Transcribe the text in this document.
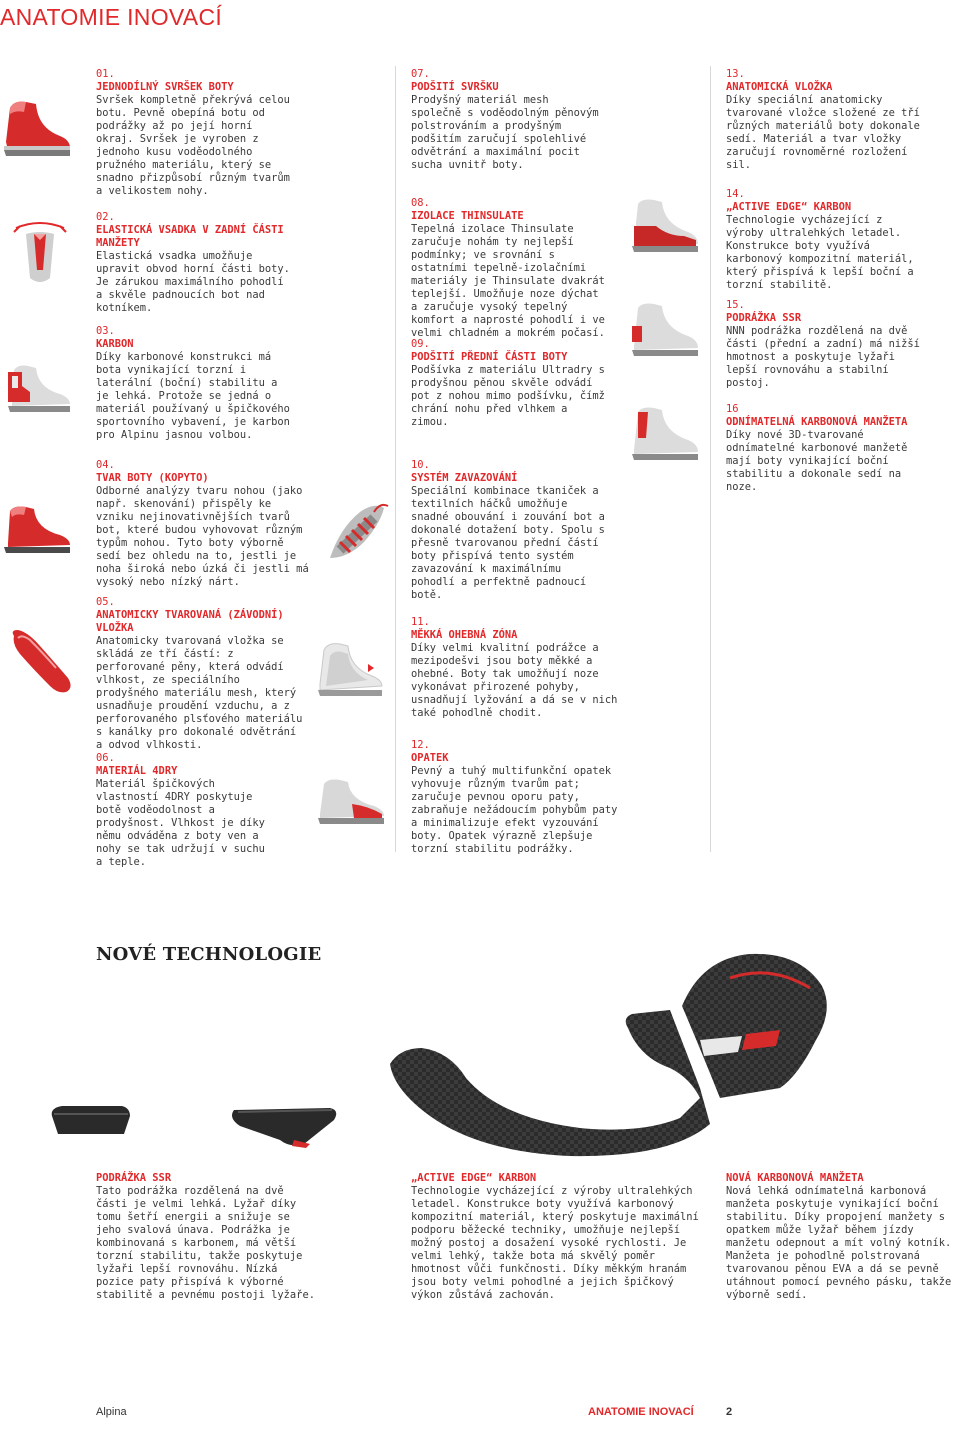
ANATOMIE INOVACÍ
01.
JEDNODÍLNÝ SVRŠEK BOTY
Svršek kompletně překrývá celou botu. Pevně obepíná botu od podrážky až po její horní okraj. Svršek je vyroben z jednoho kusu voděodolného pružného materiálu, který se snadno přizpůsobí různým tvarům a velikostem nohy.
02.
ELASTICKÁ VSADKA V ZADNÍ ČÁSTI MANŽETY
Elastická vsadka umožňuje upravit obvod horní části boty. Je zárukou maximálního pohodlí a skvěle padnoucích bot nad kotníkem.
03.
KARBON
Díky karbonové konstrukci má bota vynikající torzní i laterální (boční) stabilitu a je lehká. Protože se jedná o materiál používaný u špičkového sportovního vybavení, je karbon pro Alpinu jasnou volbou.
04.
TVAR BOTY (KOPYTO)
Odborné analýzy tvaru nohou (jako např. skenování) přispěly ke vzniku nejinovativnějších tvarů bot, které budou vyhovovat různým typům nohou. Tyto boty výborně sedí bez ohledu na to, jestli je noha široká nebo úzká či jestli má vysoký nebo nízký nárt.
05.
ANATOMICKY TVAROVANÁ (ZÁVODNÍ) VLOŽKA
Anatomicky tvarovaná vložka se skládá ze tří částí: z perforované pěny, která odvádí vlhkost, ze speciálního prodyšného materiálu mesh, který usnadňuje proudění vzduchu, a z perforovaného plsťového materiálu s kanálky pro dokonalé odvětrání a odvod vlhkosti.
06.
MATERIÁL 4DRY
Materiál špičkových vlastností 4DRY poskytuje botě voděodolnost a prodyšnost. Vlhkost je díky němu odváděna z boty ven a nohy se tak udržují v suchu a teple.
07.
PODŠITÍ SVRŠKU
Prodyšný materiál mesh společně s voděodolným pěnovým polstrováním a prodyšným podšitím zaručují spolehlivé odvětrání a maximální pocit sucha uvnitř boty.
08.
IZOLACE THINSULATE
Tepelná izolace Thinsulate zaručuje nohám ty nejlepší podmínky; ve srovnání s ostatními tepelně-izolačními materiály je Thinsulate dvakrát teplejší. Umožňuje noze dýchat a zaručuje vysoký tepelný komfort a naprosté pohodlí i ve velmi chladném a mokrém počasí.
09.
PODŠITÍ PŘEDNÍ ČÁSTI BOTY
Podšívka z materiálu Ultradry s prodyšnou pěnou skvěle odvádí pot z nohou mimo podšívku, čímž chrání nohu před vlhkem a zimou.
10.
SYSTÉM ZAVAZOVÁNÍ
Speciální kombinace tkaniček a textilních háčků umožňuje snadné obouvání i zouvání bot a dokonalé dotažení boty. Spolu s přesně tvarovanou přední částí boty přispívá tento systém zavazování k maximálnímu pohodlí a perfektně padnoucí botě.
11.
MĚKKÁ OHEBNÁ ZÓNA
Díky velmi kvalitní podrážce a mezipodešvi jsou boty měkké a ohebné. Boty tak umožňují noze vykonávat přirozené pohyby, usnadňují lyžování a dá se v nich také pohodlně chodit.
12.
OPATEK
Pevný a tuhý multifunkční opatek vyhovuje různým tvarům pat; zaručuje pevnou oporu paty, zabraňuje nežádoucím pohybům paty a minimalizuje efekt vyzouvání boty. Opatek výrazně zlepšuje torzní stabilitu podrážky.
13.
ANATOMICKÁ VLOŽKA
Díky speciální anatomicky tvarované vložce složené ze tří různých materiálů boty dokonale sedí. Materiál a tvar vložky zaručují rovnoměrné rozložení sil.
14.
„ACTIVE EDGE“ KARBON
Technologie vycházející z výroby ultralehkých letadel. Konstrukce boty využívá karbonový kompozitní materiál, který přispívá k lepší boční a torzní stabilitě.
15.
PODRÁŽKA SSR
NNN podrážka rozdělená na dvě části (přední a zadní) má nižší hmotnost a poskytuje lyžaři lepší rovnováhu a stabilní postoj.
16
ODNÍMATELNÁ KARBONOVÁ MANŽETA
Díky nové 3D-tvarované odnímatelné karbonové manžetě mají boty vynikající boční stabilitu a dokonale sedí na noze.
NOVÉ TECHNOLOGIE
PODRÁŽKA SSR
Tato podrážka rozdělená na dvě části je velmi lehká. Lyžař díky tomu šetří energii a snižuje se jeho svalová únava. Podrážka je kombinovaná s karbonem, má větší torzní stabilitu, takže poskytuje lyžaři lepší rovnováhu. Nízká pozice paty přispívá k výborné stabilitě a pevnému postoji lyžaře.
„ACTIVE EDGE“ KARBON
Technologie vycházející z výroby ultralehkých letadel. Konstrukce boty využívá karbonový kompozitní materiál, který poskytuje maximální podporu běžecké techniky, umožňuje nejlepší možný postoj a dosažení vysoké rychlosti. Je velmi lehký, takže bota má skvělý poměr hmotnost vůči funkčnosti. Díky měkkým hranám jsou boty velmi pohodlné a jejich špičkový výkon zůstává zachován.
NOVÁ KARBONOVÁ MANŽETA
Nová lehká odnímatelná karbonová manžeta poskytuje vynikající boční stabilitu. Díky propojení manžety s opatkem může lyžař během jízdy manžetu odepnout a mít volný kotník. Manžeta je pohodlně polstrovaná tvarovanou pěnou EVA a dá se pevně utáhnout pomocí pevného pásku, takže výborně sedí.
Alpina	ANATOMIE INOVACÍ	2
